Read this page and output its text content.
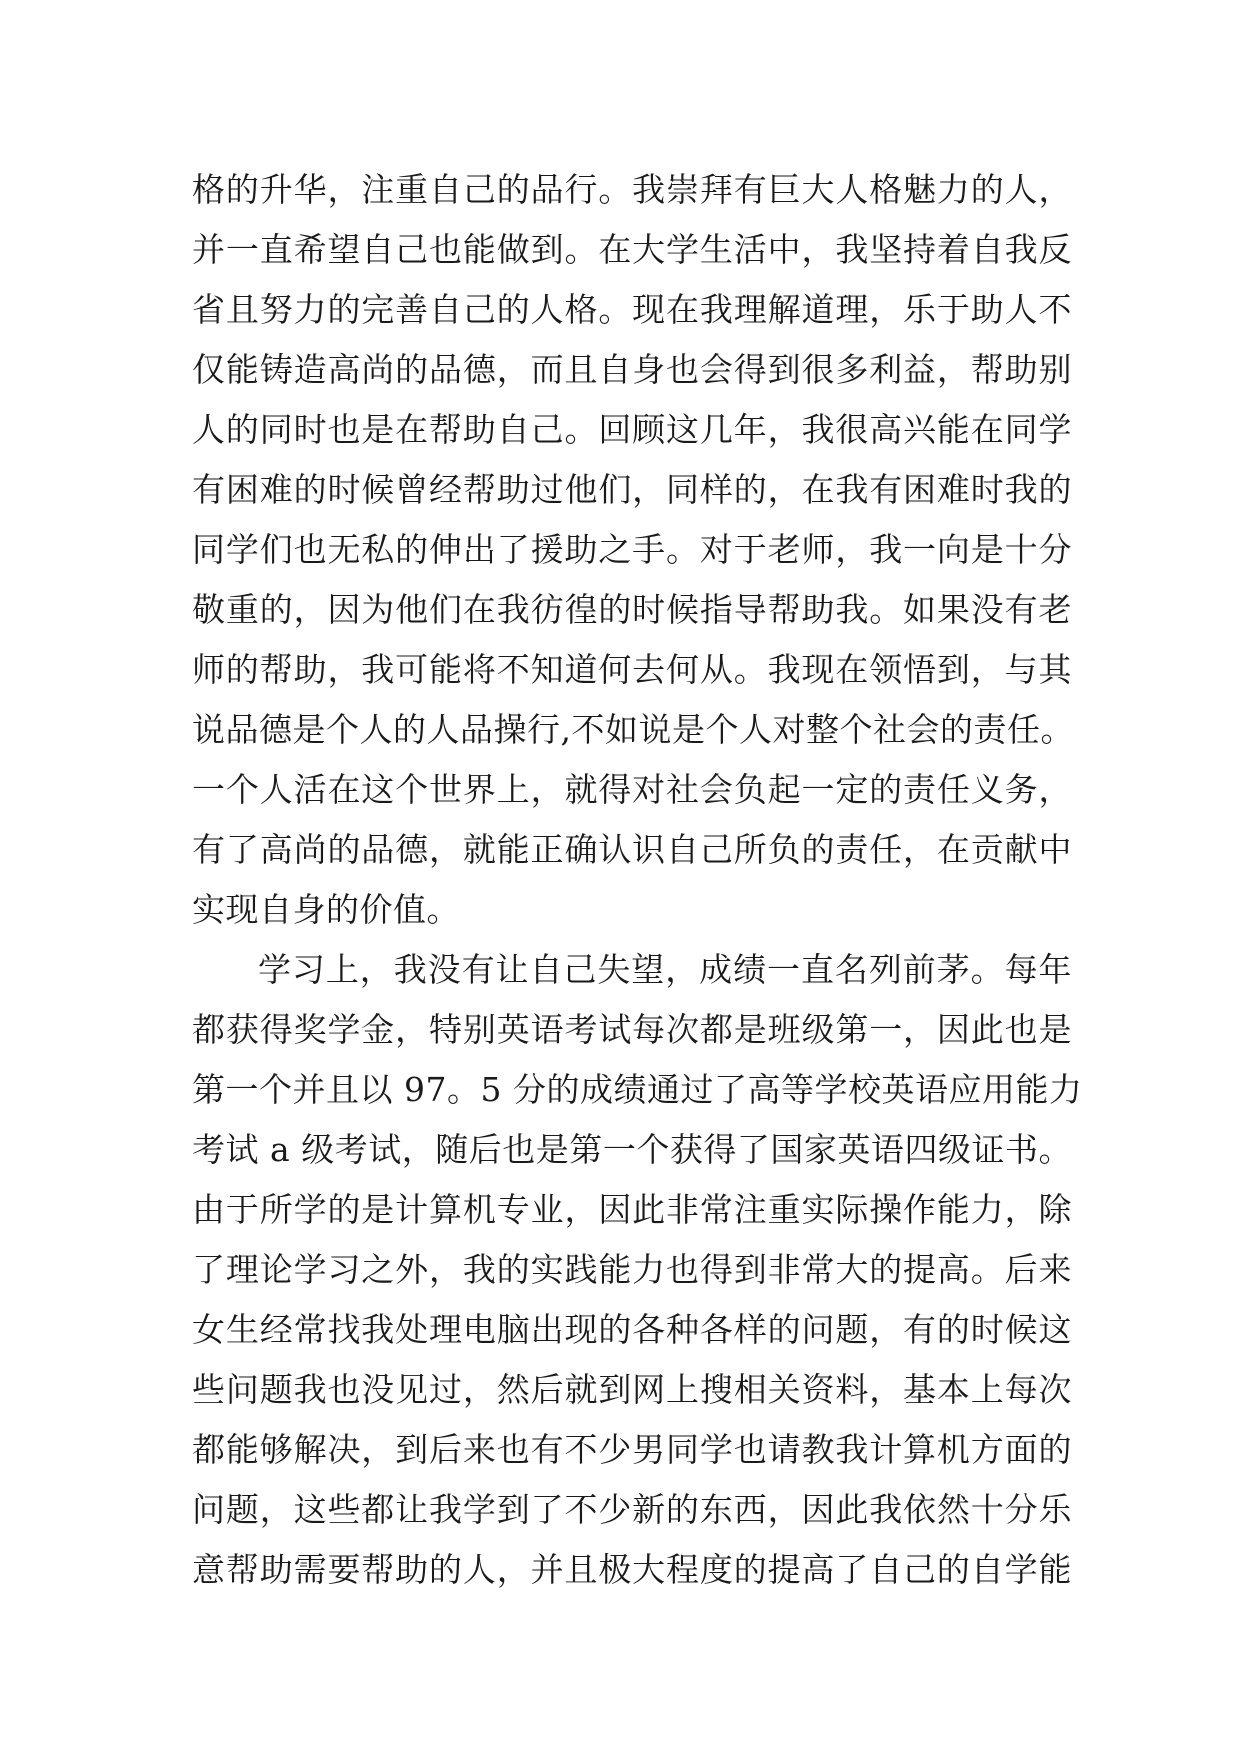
格的升华，注重自己的品行。我崇拜有巨大人格魅力的人，
并一直希望自己也能做到。在大学生活中，我坚持着自我反
省且努力的完善自己的人格。现在我理解道理，乐于助人不
仅能铸造高尚的品德，而且自身也会得到很多利益，帮助别
人的同时也是在帮助自己。回顾这几年，我很高兴能在同学
有困难的时候曾经帮助过他们，同样的，在我有困难时我的
同学们也无私的伸出了援助之手。对于老师，我一向是十分
敬重的，因为他们在我彷徨的时候指导帮助我。如果没有老
师的帮助，我可能将不知道何去何从。我现在领悟到，与其
说品德是个人的人品操行,不如说是个人对整个社会的责任。
一个人活在这个世界上，就得对社会负起一定的责任义务，
有了高尚的品德，就能正确认识自己所负的责任，在贡献中
实现自身的价值。
学习上，我没有让自己失望，成绩一直名列前茅。每年
都获得奖学金，特别英语考试每次都是班级第一，因此也是
第一个并且以 97。5 分的成绩通过了高等学校英语应用能力
考试 a 级考试，随后也是第一个获得了国家英语四级证书。
由于所学的是计算机专业，因此非常注重实际操作能力，除
了理论学习之外，我的实践能力也得到非常大的提高。后来
女生经常找我处理电脑出现的各种各样的问题，有的时候这
些问题我也没见过，然后就到网上搜相关资料，基本上每次
都能够解决，到后来也有不少男同学也请教我计算机方面的
问题，这些都让我学到了不少新的东西，因此我依然十分乐
意帮助需要帮助的人，并且极大程度的提高了自己的自学能
